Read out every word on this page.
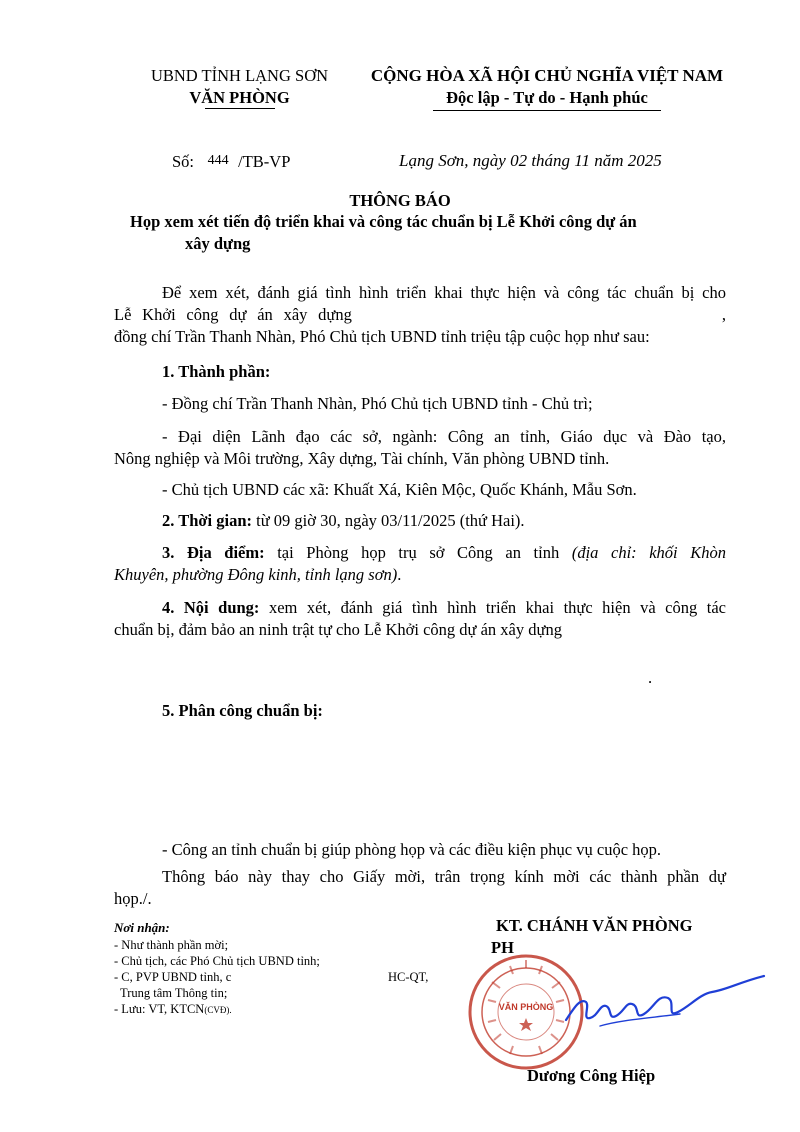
UBND TỈNH LẠNG SƠN
VĂN PHÒNG
CỘNG HÒA XÃ HỘI CHỦ NGHĨA VIỆT NAM
Độc lập - Tự do - Hạnh phúc
Số: 444 /TB-VP	Lạng Sơn, ngày 02 tháng 11 năm 2025
THÔNG BÁO
Họp xem xét tiến độ triển khai và công tác chuẩn bị Lễ Khởi công dự án
xây dựng
Để xem xét, đánh giá tình hình triển khai thực hiện và công tác chuẩn bị cho
Lễ Khởi công dự án xây dựng	,
đồng chí Trần Thanh Nhàn, Phó Chủ tịch UBND tỉnh triệu tập cuộc họp như sau:
1. Thành phần:
- Đồng chí Trần Thanh Nhàn, Phó Chủ tịch UBND tỉnh - Chủ trì;
- Đại diện Lãnh đạo các sở, ngành: Công an tỉnh, Giáo dục và Đào tạo,
Nông nghiệp và Môi trường, Xây dựng, Tài chính, Văn phòng UBND tỉnh.
- Chủ tịch UBND các xã: Khuất Xá, Kiên Mộc, Quốc Khánh, Mẫu Sơn.
2. Thời gian: từ 09 giờ 30, ngày 03/11/2025 (thứ Hai).
3. Địa điểm: tại Phòng họp trụ sở Công an tỉnh (địa chỉ: khối Khòn
Khuyên, phường Đông kinh, tỉnh lạng sơn).
4. Nội dung: xem xét, đánh giá tình hình triển khai thực hiện và công tác
chuẩn bị, đảm bảo an ninh trật tự cho Lễ Khởi công dự án xây dựng
.
5. Phân công chuẩn bị:
- Công an tỉnh chuẩn bị giúp phòng họp và các điều kiện phục vụ cuộc họp.
Thông báo này thay cho Giấy mời, trân trọng kính mời các thành phần dự
họp./.
Nơi nhận:
- Như thành phần mời;
- Chủ tịch, các Phó Chủ tịch UBND tỉnh;
- C, PVP UBND tỉnh, c	HC-QT,
Trung tâm Thông tin;
- Lưu: VT, KTCN(CVĐ).
KT. CHÁNH VĂN PHÒNG
PH
VĂN PHÒNG
Dương Công Hiệp
